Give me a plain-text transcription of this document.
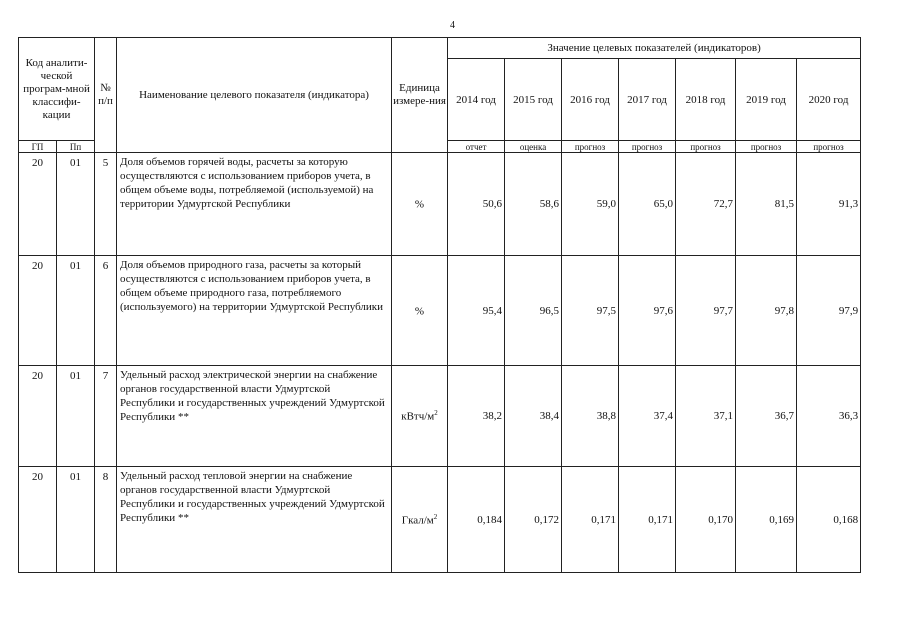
4
Код аналити-ческой програм-мной классифи-кации		№ п/п	Наименование целевого показателя (индикатора)	Единица измере-ния	Значение целевых показателей (индикаторов)						
					2014 год	2015 год	2016 год	2017 год	2018 год	2019 год	2020 год
ГП	Пп				отчет	оценка	прогноз	прогноз	прогноз	прогноз	прогноз
20	01	5	Доля объемов горячей воды, расчеты за которую осуществляются с использованием приборов учета, в общем объеме воды, потребляемой (используемой) на территории Удмуртской Республики	%	50,6	58,6	59,0	65,0	72,7	81,5	91,3
20	01	6	Доля объемов природного газа, расчеты за который осуществляются с использованием приборов учета, в общем объеме природного газа, потребляемого (используемого) на территории Удмуртской Республики	%	95,4	96,5	97,5	97,6	97,7	97,8	97,9
20	01	7	Удельный расход электрической энергии на снабжение органов государственной власти Удмуртской Республики и государственных учреждений Удмуртской Республики **	кВтч/$м^2$	38,2	38,4	38,8	37,4	37,1	36,7	36,3
20	01	8	Удельный расход тепловой энергии на снабжение органов государственной власти Удмуртской Республики и государственных учреждений Удмуртской Республики **	Гкал/$м^2$	0,184	0,172	0,171	0,171	0,170	0,169	0,168
